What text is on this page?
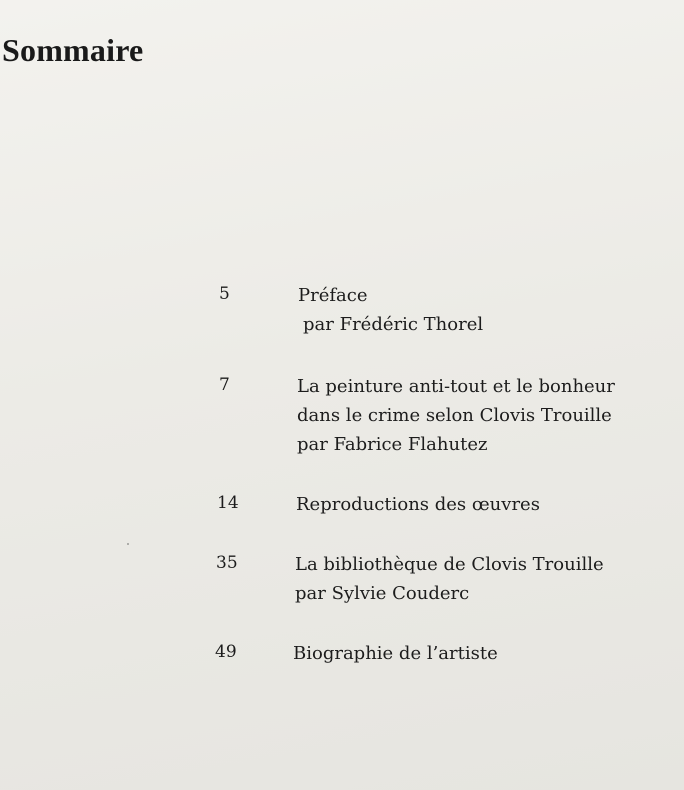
Sommaire
5	Préface
par Frédéric Thorel
7	La peinture anti-tout et le bonheur
dans le crime selon Clovis Trouille
par Fabrice Flahutez
14	Reproductions des œuvres
35	La bibliothèque de Clovis Trouille
par Sylvie Couderc
49	Biographie de l’artiste
